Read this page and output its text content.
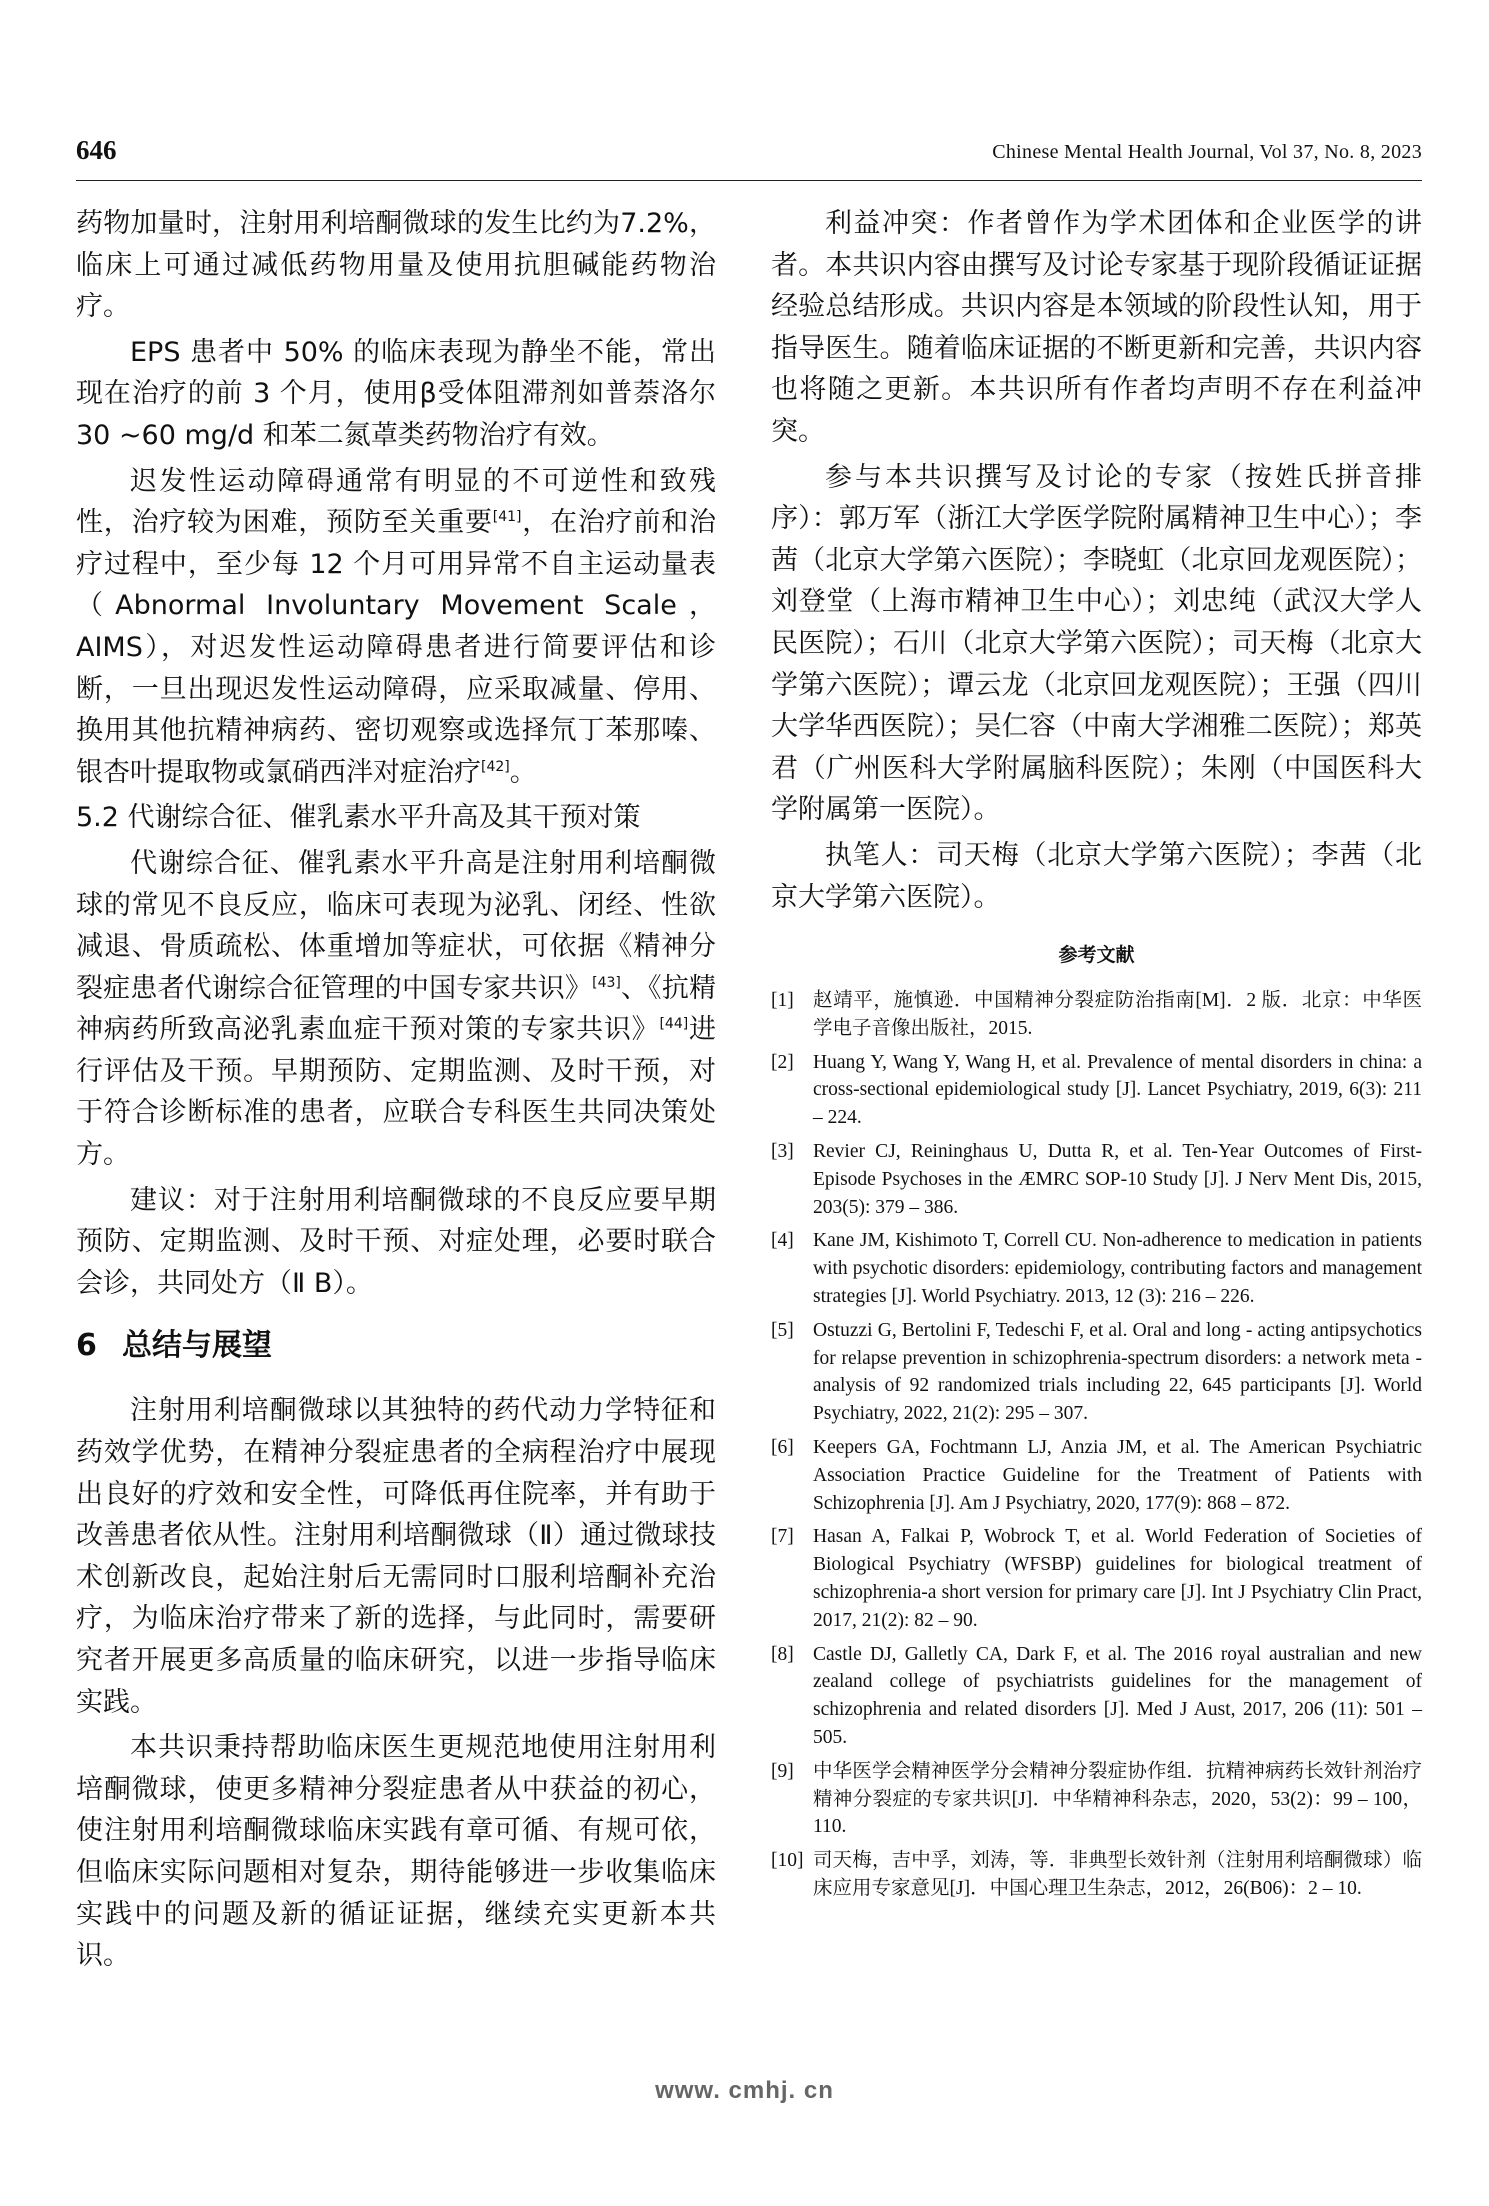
646	Chinese Mental Health Journal, Vol 37, No. 8, 2023

药物加量时，注射用利培酮微球的发生比约为7.2%，临床上可通过减低药物用量及使用抗胆碱能药物治疗。

EPS 患者中 50% 的临床表现为静坐不能，常出现在治疗的前 3 个月，使用β受体阻滞剂如普萘洛尔 30 ~60 mg/d 和苯二氮䓬类药物治疗有效。

迟发性运动障碍通常有明显的不可逆性和致残性，治疗较为困难，预防至关重要[41]，在治疗前和治疗过程中，至少每 12 个月可用异常不自主运动量表（Abnormal Involuntary Movement Scale，AIMS），对迟发性运动障碍患者进行简要评估和诊断，一旦出现迟发性运动障碍，应采取减量、停用、换用其他抗精神病药、密切观察或选择氘丁苯那嗪、银杏叶提取物或氯硝西泮对症治疗[42]。

5.2 代谢综合征、催乳素水平升高及其干预对策

代谢综合征、催乳素水平升高是注射用利培酮微球的常见不良反应，临床可表现为泌乳、闭经、性欲减退、骨质疏松、体重增加等症状，可依据《精神分裂症患者代谢综合征管理的中国专家共识》[43]、《抗精神病药所致高泌乳素血症干预对策的专家共识》[44]进行评估及干预。早期预防、定期监测、及时干预，对于符合诊断标准的患者，应联合专科医生共同决策处方。

建议：对于注射用利培酮微球的不良反应要早期预防、定期监测、及时干预、对症处理，必要时联合会诊，共同处方（Ⅱ B）。

6 总结与展望

注射用利培酮微球以其独特的药代动力学特征和药效学优势，在精神分裂症患者的全病程治疗中展现出良好的疗效和安全性，可降低再住院率，并有助于改善患者依从性。注射用利培酮微球（Ⅱ）通过微球技术创新改良，起始注射后无需同时口服利培酮补充治疗，为临床治疗带来了新的选择，与此同时，需要研究者开展更多高质量的临床研究，以进一步指导临床实践。

本共识秉持帮助临床医生更规范地使用注射用利培酮微球，使更多精神分裂症患者从中获益的初心，使注射用利培酮微球临床实践有章可循、有规可依，但临床实际问题相对复杂，期待能够进一步收集临床实践中的问题及新的循证证据，继续充实更新本共识。

利益冲突：作者曾作为学术团体和企业医学的讲者。本共识内容由撰写及讨论专家基于现阶段循证证据经验总结形成。共识内容是本领域的阶段性认知，用于指导医生。随着临床证据的不断更新和完善，共识内容也将随之更新。本共识所有作者均声明不存在利益冲突。

参与本共识撰写及讨论的专家（按姓氏拼音排序）：郭万军（浙江大学医学院附属精神卫生中心）；李茜（北京大学第六医院）；李晓虹（北京回龙观医院）；刘登堂（上海市精神卫生中心）；刘忠纯（武汉大学人民医院）；石川（北京大学第六医院）；司天梅（北京大学第六医院）；谭云龙（北京回龙观医院）；王强（四川大学华西医院）；吴仁容（中南大学湘雅二医院）；郑英君（广州医科大学附属脑科医院）；朱刚（中国医科大学附属第一医院）。

执笔人：司天梅（北京大学第六医院）；李茜（北京大学第六医院）。

参考文献
[1] 赵靖平，施慎逊．中国精神分裂症防治指南[M]．2 版．北京：中华医学电子音像出版社，2015.
[2] Huang Y, Wang Y, Wang H, et al. Prevalence of mental disorders in china: a cross-sectional epidemiological study [J]. Lancet Psychiatry, 2019, 6(3): 211 – 224.
[3] Revier CJ, Reininghaus U, Dutta R, et al. Ten-Year Outcomes of First-Episode Psychoses in the ÆMRC SOP-10 Study [J]. J Nerv Ment Dis, 2015, 203(5): 379 – 386.
[4] Kane JM, Kishimoto T, Correll CU. Non-adherence to medication in patients with psychotic disorders: epidemiology, contributing factors and management strategies [J]. World Psychiatry. 2013, 12 (3): 216 – 226.
[5] Ostuzzi G, Bertolini F, Tedeschi F, et al. Oral and long - acting antipsychotics for relapse prevention in schizophrenia-spectrum disorders: a network meta - analysis of 92 randomized trials including 22, 645 participants [J]. World Psychiatry, 2022, 21(2): 295 – 307.
[6] Keepers GA, Fochtmann LJ, Anzia JM, et al. The American Psychiatric Association Practice Guideline for the Treatment of Patients with Schizophrenia [J]. Am J Psychiatry, 2020, 177(9): 868 – 872.
[7] Hasan A, Falkai P, Wobrock T, et al. World Federation of Societies of Biological Psychiatry (WFSBP) guidelines for biological treatment of schizophrenia-a short version for primary care [J]. Int J Psychiatry Clin Pract, 2017, 21(2): 82 – 90.
[8] Castle DJ, Galletly CA, Dark F, et al. The 2016 royal australian and new zealand college of psychiatrists guidelines for the management of schizophrenia and related disorders [J]. Med J Aust, 2017, 206 (11): 501 – 505.
[9] 中华医学会精神医学分会精神分裂症协作组．抗精神病药长效针剂治疗精神分裂症的专家共识[J]．中华精神科杂志，2020，53(2)：99 – 100，110.
[10] 司天梅，吉中孚，刘涛，等．非典型长效针剂（注射用利培酮微球）临床应用专家意见[J]．中国心理卫生杂志，2012，26(B06)：2 – 10.
www. cmhj. cn
